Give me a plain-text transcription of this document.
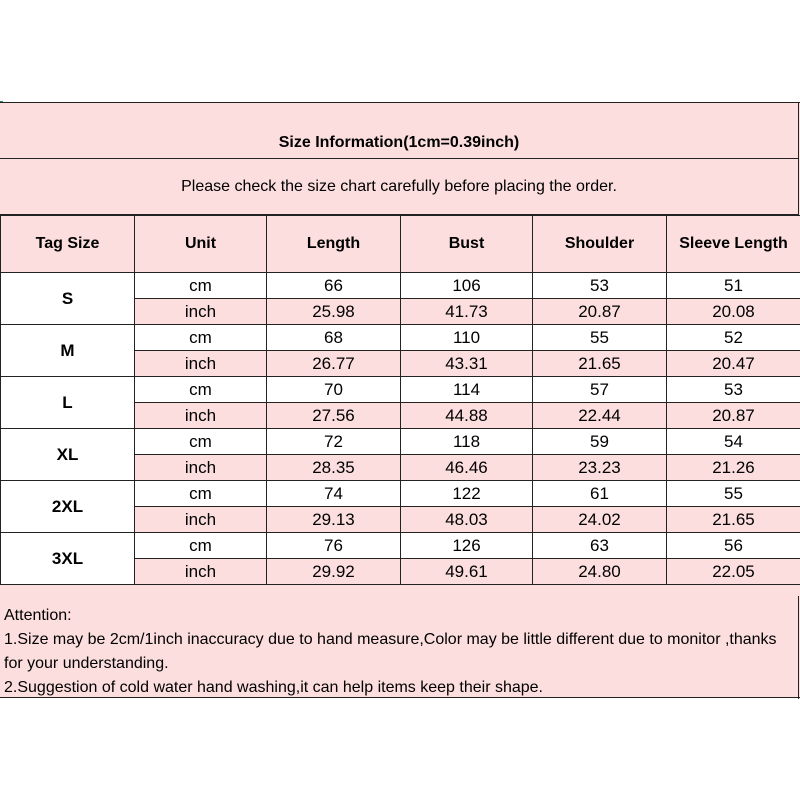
Size Information(1cm=0.39inch)
Please check the size chart carefully before placing the order.
Tag Size	Unit	Length	Bust	Shoulder	Sleeve Length
S	cm	66	106	53	51
	inch	25.98	41.73	20.87	20.08
M	cm	68	110	55	52
	inch	26.77	43.31	21.65	20.47
L	cm	70	114	57	53
	inch	27.56	44.88	22.44	20.87
XL	cm	72	118	59	54
	inch	28.35	46.46	23.23	21.26
2XL	cm	74	122	61	55
	inch	29.13	48.03	24.02	21.65
3XL	cm	76	126	63	56
	inch	29.92	49.61	24.80	22.05

Attention:

1.Size may be 2cm/1inch inaccuracy due to hand measure,Color may be little different due to monitor ,thanks for your understanding.

2.Suggestion of cold water hand washing,it can help items keep their shape.
